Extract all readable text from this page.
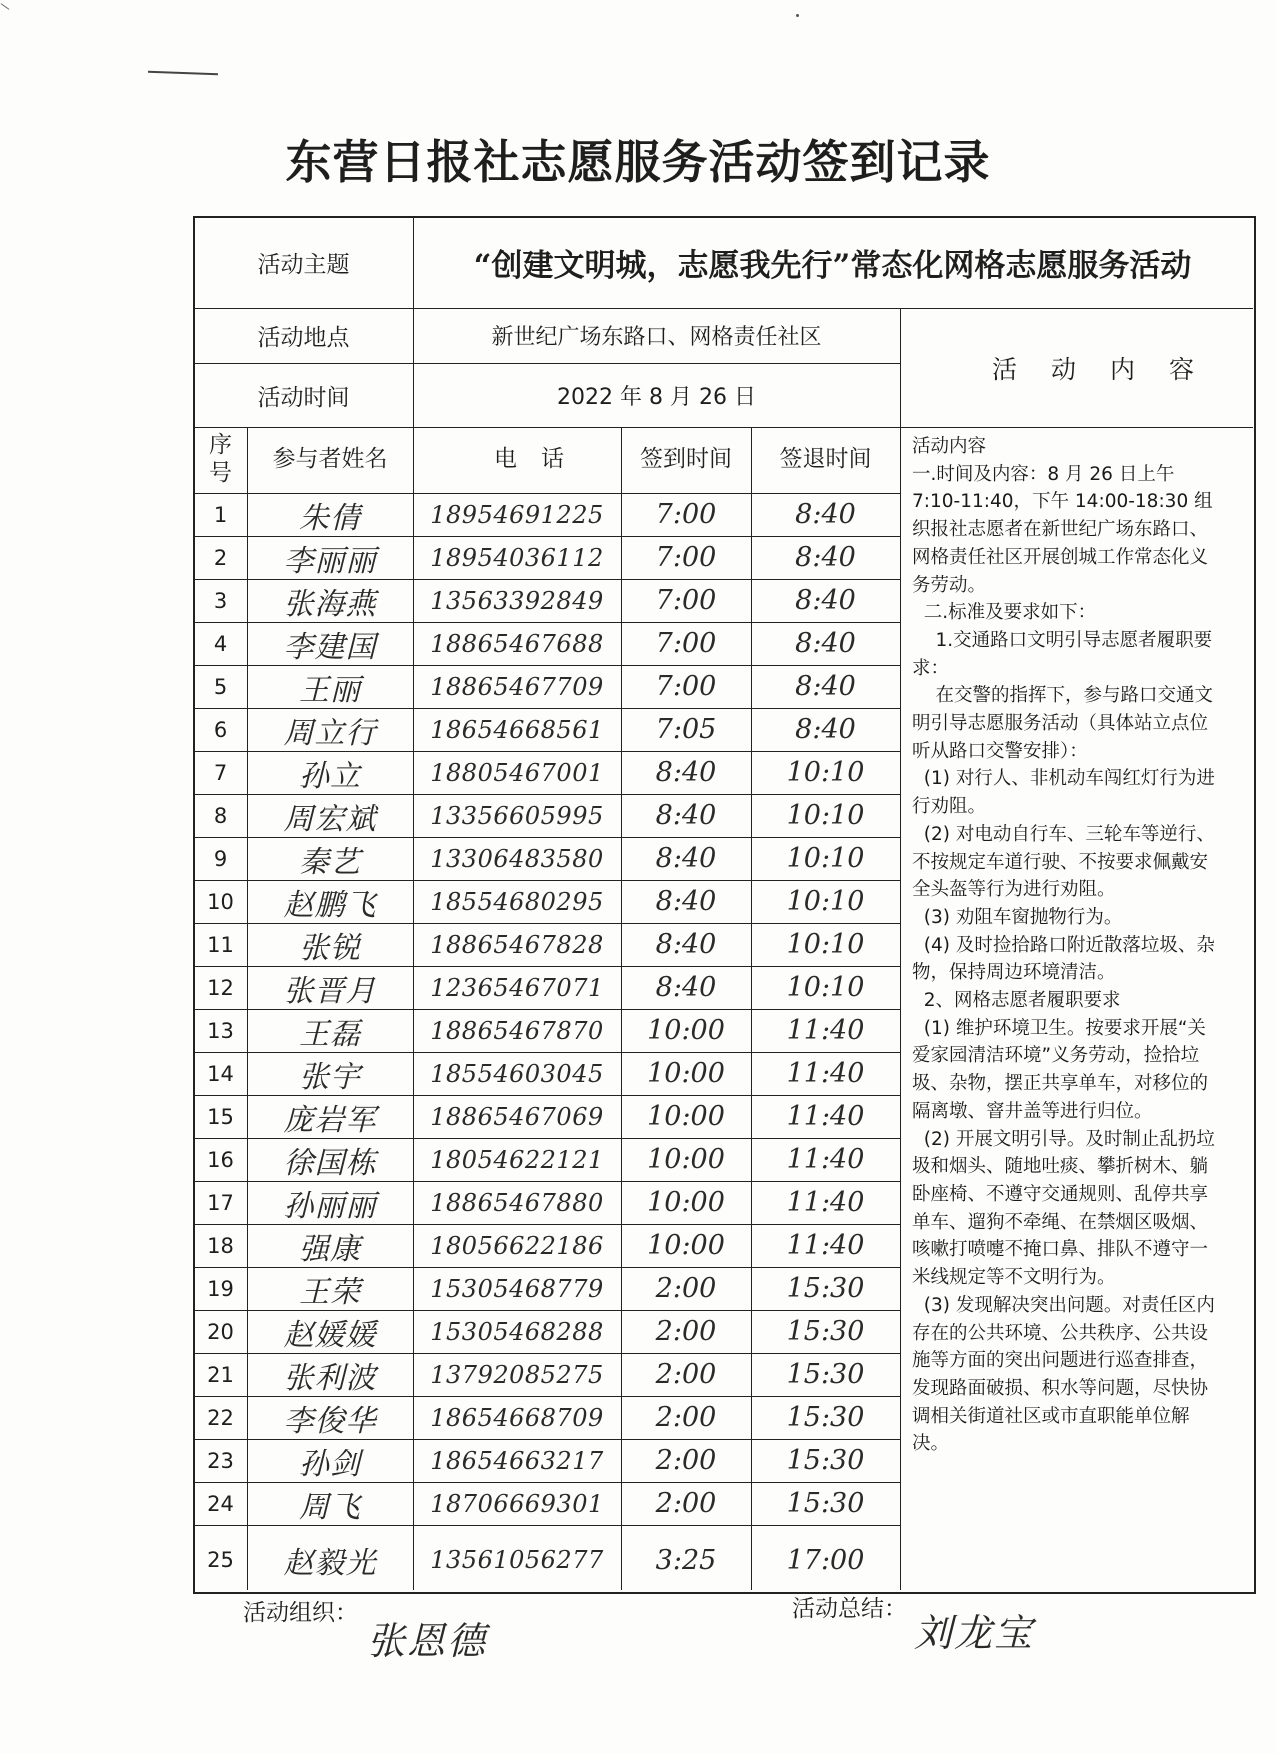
东营日报社志愿服务活动签到记录
活动主题	“创建文明城，志愿我先行”常态化网格志愿服务活动
活动地点	新世纪广场东路口、网格责任社区
活动时间	2022 年 8 月 26 日
活动内容
序号
参与者姓名	电话	签到时间	签退时间
1	朱倩	18954691225	7:00	8:40
2	李丽丽	18954036112	7:00	8:40
3	张海燕	13563392849	7:00	8:40
4	李建国	18865467688	7:00	8:40
5	王丽	18865467709	7:00	8:40
6	周立行	18654668561	7:05	8:40
7	孙立	18805467001	8:40	10:10
8	周宏斌	13356605995	8:40	10:10
9	秦艺	13306483580	8:40	10:10
10	赵鹏飞	18554680295	8:40	10:10
11	张锐	18865467828	8:40	10:10
12	张晋月	12365467071	8:40	10:10
13	王磊	18865467870	10:00	11:40
14	张宇	18554603045	10:00	11:40
15	庞岩军	18865467069	10:00	11:40
16	徐国栋	18054622121	10:00	11:40
17	孙丽丽	18865467880	10:00	11:40
18	强康	18056622186	10:00	11:40
19	王荣	15305468779	2:00	15:30
20	赵媛媛	15305468288	2:00	15:30
21	张利波	13792085275	2:00	15:30
22	李俊华	18654668709	2:00	15:30
23	孙剑	18654663217	2:00	15:30
24	周飞	18706669301	2:00	15:30
25	赵毅光	13561056277	3:25	17:00
活动内容
一.时间及内容：8 月 26 日上午 7:10-11:40，下午 14:00-18:30 组织报社志愿者在新世纪广场东路口、网格责任社区开展创城工作常态化义务劳动。
二.标准及要求如下：
1.交通路口文明引导志愿者履职要求：
在交警的指挥下，参与路口交通文明引导志愿服务活动（具体站立点位听从路口交警安排）：
(1) 对行人、非机动车闯红灯行为进行劝阻。
(2) 对电动自行车、三轮车等逆行、不按规定车道行驶、不按要求佩戴安全头盔等行为进行劝阻。
(3) 劝阻车窗抛物行为。
(4) 及时捡拾路口附近散落垃圾、杂物，保持周边环境清洁。
2、网格志愿者履职要求
(1) 维护环境卫生。按要求开展“关爱家园清洁环境”义务劳动，捡拾垃圾、杂物，摆正共享单车，对移位的隔离墩、窨井盖等进行归位。
(2) 开展文明引导。及时制止乱扔垃圾和烟头、随地吐痰、攀折树木、躺卧座椅、不遵守交通规则、乱停共享单车、遛狗不牵绳、在禁烟区吸烟、咳嗽打喷嚏不掩口鼻、排队不遵守一米线规定等不文明行为。
(3) 发现解决突出问题。对责任区内存在的公共环境、公共秩序、公共设施等方面的突出问题进行巡查排查，发现路面破损、积水等问题，尽快协调相关街道社区或市直职能单位解决。
活动组织：
张恩德
活动总结：
刘龙宝
